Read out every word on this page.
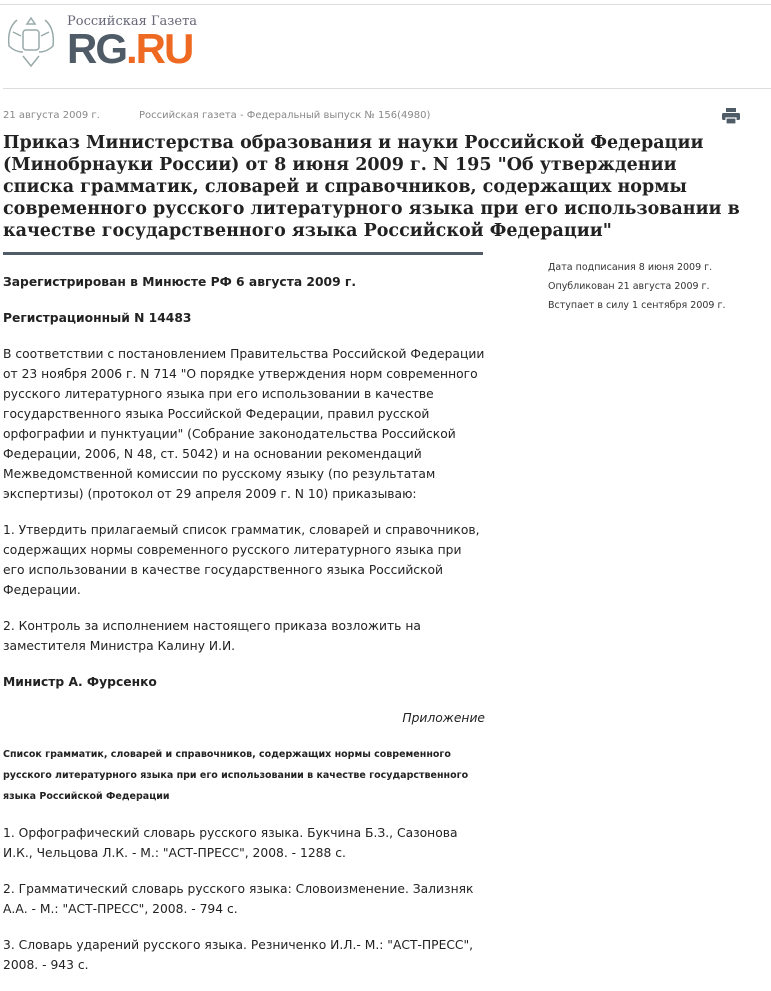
Российская Газета
RG.RU
21 августа 2009 г.	Российская газета - Федеральный выпуск № 156(4980)
Приказ Министерства образования и науки Российской Федерации (Минобрнауки России) от 8 июня 2009 г. N 195 "Об утверждении списка грамматик, словарей и справочников, содержащих нормы современного русского литературного языка при его использовании в качестве государственного языка Российской Федерации"
Дата подписания 8 июня 2009 г.
Опубликован 21 августа 2009 г.
Вступает в силу 1 сентября 2009 г.

Зарегистрирован в Минюсте РФ 6 августа 2009 г.

Регистрационный N 14483

В соответствии с постановлением Правительства Российской Федерации от 23 ноября 2006 г. N 714 "О порядке утверждения норм современного русского литературного языка при его использовании в качестве государственного языка Российской Федерации, правил русской орфографии и пунктуации" (Собрание законодательства Российской Федерации, 2006, N 48, ст. 5042) и на основании рекомендаций Межведомственной комиссии по русскому языку (по результатам экспертизы) (протокол от 29 апреля 2009 г. N 10) приказываю:

1. Утвердить прилагаемый список грамматик, словарей и справочников, содержащих нормы современного русского литературного языка при его использовании в качестве государственного языка Российской Федерации.

2. Контроль за исполнением настоящего приказа возложить на заместителя Министра Калину И.И.

Министр А. Фурсенко

Приложение

Список грамматик, словарей и справочников, содержащих нормы современного русского литературного языка при его использовании в качестве государственного языка Российской Федерации

1. Орфографический словарь русского языка. Букчина Б.З., Сазонова И.К., Чельцова Л.К. - М.: "АСТ-ПРЕСС", 2008. - 1288 с.

2. Грамматический словарь русского языка: Словоизменение. Зализняк А.А. - М.: "АСТ-ПРЕСС", 2008. - 794 с.

3. Словарь ударений русского языка. Резниченко И.Л.- М.: "АСТ-ПРЕСС", 2008. - 943 с.
